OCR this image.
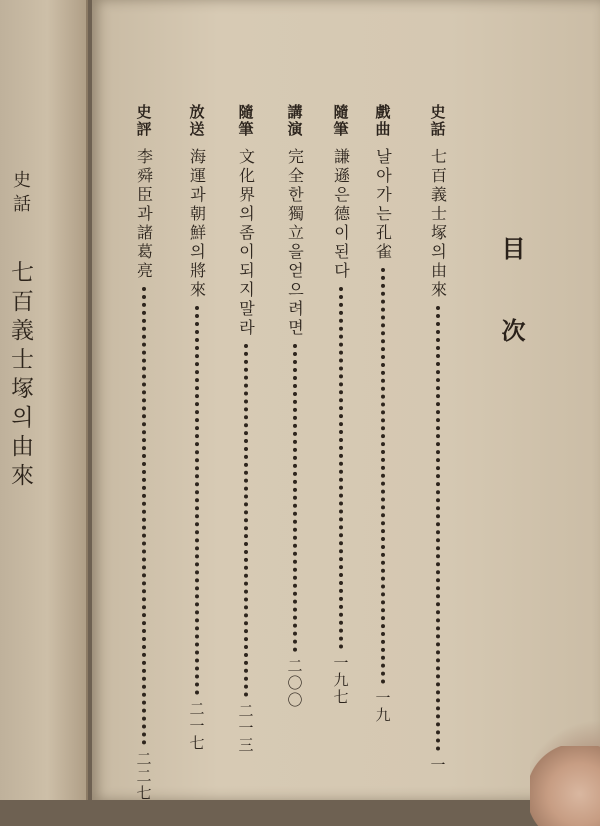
史話 七百義士塚의由來	目次
史話
七百義士塚의由來
一
戲曲
날아가는孔雀
一九
隨筆
謙遜은德이된다
一九七
講演
完全한獨立을얻으려면
二〇〇
隨筆
文化界의좀이되지말라
二一三
放送
海運과朝鮮의將來
二一七
史評
李舜臣과諸葛亮
二二七
